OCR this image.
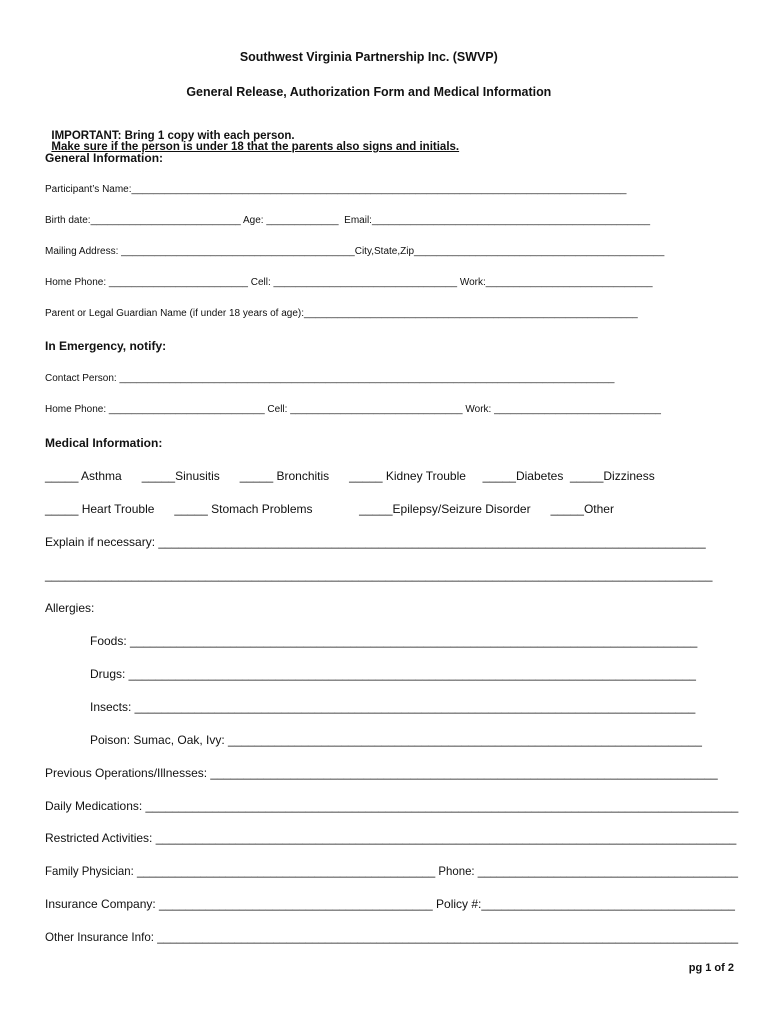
Southwest Virginia Partnership Inc. (SWVP)
General Release, Authorization Form and Medical Information

IMPORTANT: Bring 1 copy with each person.
Make sure if the person is under 18 that the parents also signs and initials.

General Information:
Participant’s Name:_________________________________________________________________________________________
Birth date:___________________________ Age: _____________  Email:__________________________________________________
Mailing Address: __________________________________________City,State,Zip_____________________________________________
Home Phone: _________________________ Cell: _________________________________ Work:______________________________
Parent or Legal Guardian Name (if under 18 years of age):____________________________________________________________
In Emergency, notify:
Contact Person: _________________________________________________________________________________________
Home Phone: ____________________________ Cell: _______________________________ Work: ______________________________
Medical Information:
_____ Asthma      _____Sinusitis      _____ Bronchitis      _____ Kidney Trouble     _____Diabetes  _____Dizziness
_____ Heart Trouble      _____ Stomach Problems              _____Epilepsy/Seizure Disorder      _____Other
Explain if necessary: __________________________________________________________________________________
____________________________________________________________________________________________________
Allergies:
Foods: _____________________________________________________________________________________
Drugs: _____________________________________________________________________________________
Insects: ____________________________________________________________________________________
Poison: Sumac, Oak, Ivy: _______________________________________________________________________
Previous Operations/Illnesses: ____________________________________________________________________________
Daily Medications: _________________________________________________________________________________________
Restricted Activities: _______________________________________________________________________________________
Family Physician: _______________________________________________ Phone: _________________________________________
Insurance Company: _________________________________________ Policy #:______________________________________
Other Insurance Info: __________________________________________________________________________________________
pg 1 of 2
